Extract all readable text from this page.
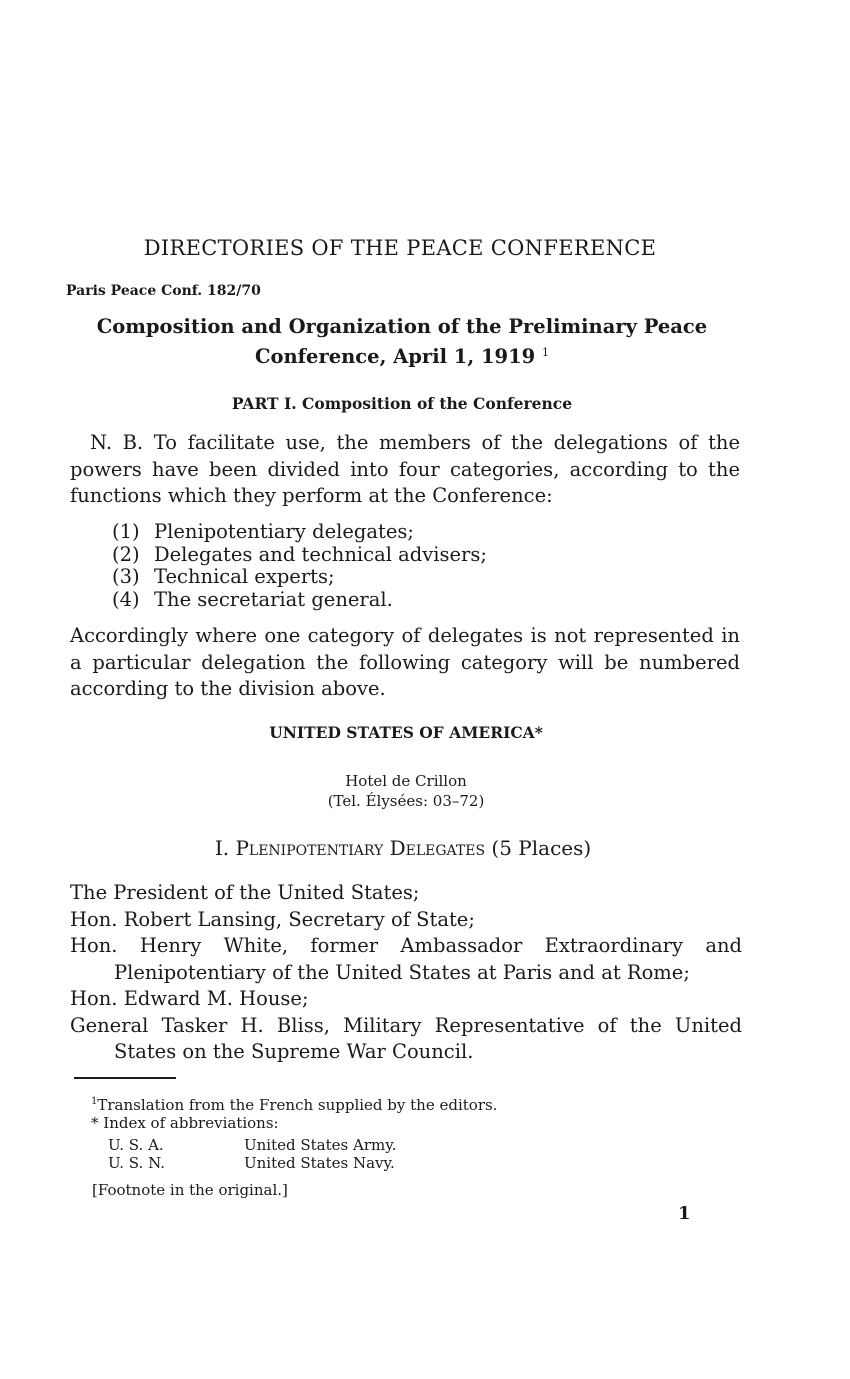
DIRECTORIES OF THE PEACE CONFERENCE
Paris Peace Conf. 182/70
Composition and Organization of the Preliminary Peace
Conference, April 1, 1919 $^1$
PART I. Composition of the Conference
N. B. To facilitate use, the members of the delegations of the powers have been divided into four categories, according to the functions which they perform at the Conference:
(1) Plenipotentiary delegates;
(2) Delegates and technical advisers;
(3) Technical experts;
(4) The secretariat general.
Accordingly where one category of delegates is not represented in a particular delegation the following category will be numbered according to the division above.
UNITED STATES OF AMERICA*
Hotel de Crillon
(Tel. Élysées: 03–72)
I. Plenipotentiary Delegates (5 Places)
The President of the United States;
Hon. Robert Lansing, Secretary of State;
Hon. Henry White, former Ambassador Extraordinary and Plenipotentiary of the United States at Paris and at Rome;
Hon. Edward M. House;
General Tasker H. Bliss, Military Representative of the United States on the Supreme War Council.
$^1$Translation from the French supplied by the editors.
* Index of abbreviations:
U. S. A.	United States Army.
U. S. N.	United States Navy.
[Footnote in the original.]
1
